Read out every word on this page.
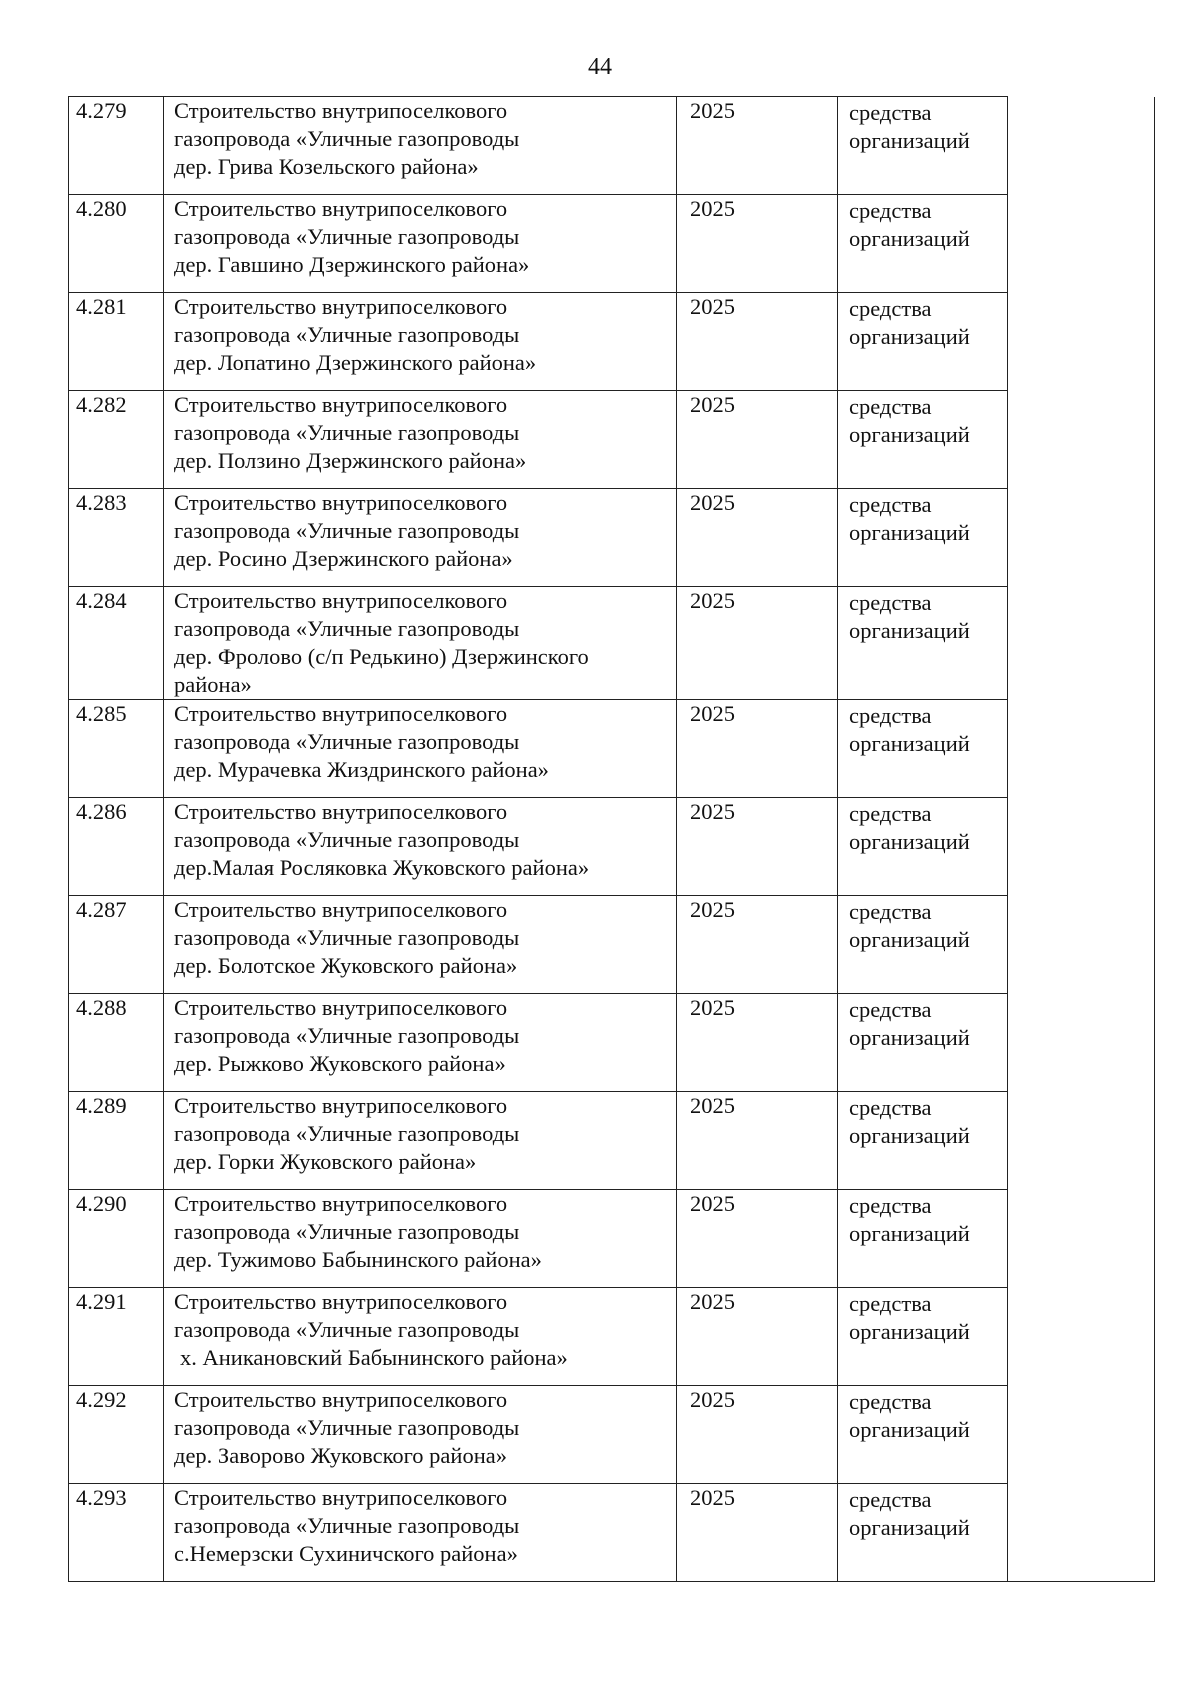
44
4.279	Строительство внутрипоселкового
газопровода «Уличные газопроводы
дер. Грива Козельского района»	2025	средства
организаций	

4.280	Строительство внутрипоселкового
газопровода «Уличные газопроводы
дер. Гавшино Дзержинского района»	2025	средства
организаций	

4.281	Строительство внутрипоселкового
газопровода «Уличные газопроводы
дер. Лопатино Дзержинского района»	2025	средства
организаций	

4.282	Строительство внутрипоселкового
газопровода «Уличные газопроводы
дер. Ползино Дзержинского района»	2025	средства
организаций	

4.283	Строительство внутрипоселкового
газопровода «Уличные газопроводы
дер. Росино Дзержинского района»	2025	средства
организаций	

4.284	Строительство внутрипоселкового
газопровода «Уличные газопроводы
дер. Фролово (с/п Редькино) Дзержинского
района»	2025	средства
организаций	

4.285	Строительство внутрипоселкового
газопровода «Уличные газопроводы
дер. Мурачевка Жиздринского района»	2025	средства
организаций	

4.286	Строительство внутрипоселкового
газопровода «Уличные газопроводы
дер.Малая Росляковка Жуковского района»	2025	средства
организаций	

4.287	Строительство внутрипоселкового
газопровода «Уличные газопроводы
дер. Болотское Жуковского района»	2025	средства
организаций	

4.288	Строительство внутрипоселкового
газопровода «Уличные газопроводы
дер. Рыжково Жуковского района»	2025	средства
организаций	

4.289	Строительство внутрипоселкового
газопровода «Уличные газопроводы
дер. Горки Жуковского района»	2025	средства
организаций	

4.290	Строительство внутрипоселкового
газопровода «Уличные газопроводы
дер. Тужимово Бабынинского района»	2025	средства
организаций	

4.291	Строительство внутрипоселкового
газопровода «Уличные газопроводы
х. Аникановский Бабынинского района»	2025	средства
организаций	

4.292	Строительство внутрипоселкового
газопровода «Уличные газопроводы
дер. Заворово Жуковского района»	2025	средства
организаций	

4.293	Строительство внутрипоселкового
газопровода «Уличные газопроводы
с.Немерзски Сухиничского района»	2025	средства
организаций	
